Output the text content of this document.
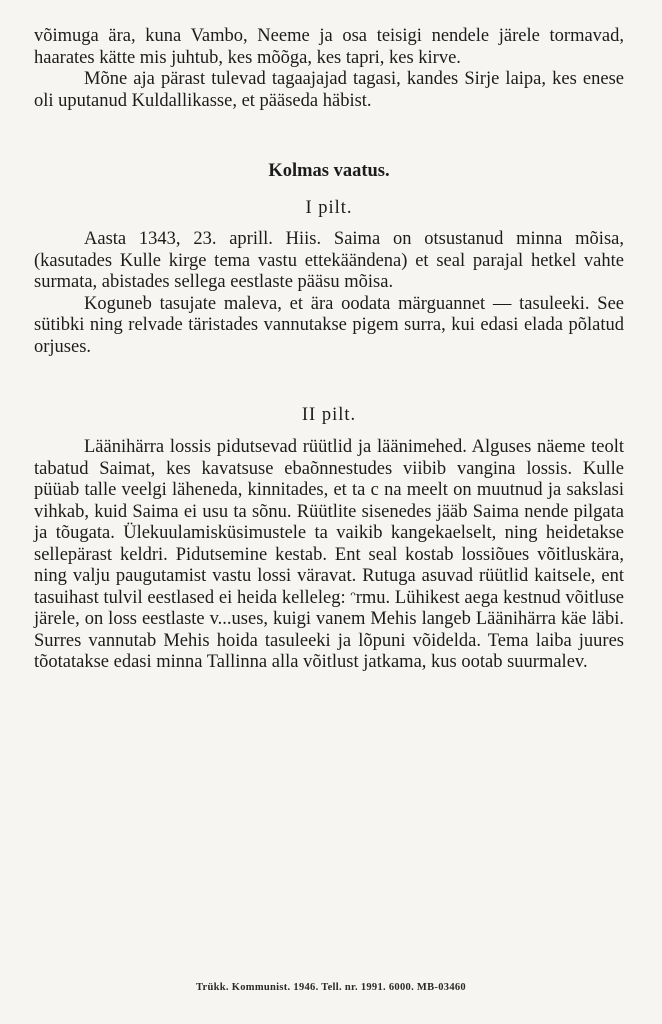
võimuga ära, kuna Vambo, Neeme ja osa teisigi nendele järele tormavad, haarates kätte mis juhtub, kes mõõga, kes tapri, kes kirve.

Mõne aja pärast tulevad tagaajajad tagasi, kandes Sirje laipa, kes enese oli uputanud Kuldallikasse, et pääseda häbist.

Kolmas vaatus.
I pilt.

Aasta 1343, 23. aprill. Hiis. Saima on otsustanud minna mõisa, (kasutades Kulle kirge tema vastu ettekäändena) et seal parajal hetkel vahte surmata, abistades sellega eestlaste pääsu mõisa.

Koguneb tasujate maleva, et ära oodata märguannet — tasuleeki. See sütibki ning relvade täristades vannutakse pigem surra, kui edasi elada põlatud orjuses.

II pilt.

Läänihärra lossis pidutsevad rüütlid ja läänimehed. Alguses näeme teolt tabatud Saimat, kes kavatsuse ebaõnnestudes viibib vangina lossis. Kulle püüab talle veelgi läheneda, kinnitades, et ta c na meelt on muutnud ja sakslasi vihkab, kuid Saima ei usu ta sõnu. Rüütlite sisenedes jääb Saima nende pilgata ja tõugata. Ülekuulamisküsimustele ta vaikib kangekaelselt, ning heidetakse sellepärast keldri. Pidutsemine kestab. Ent seal kostab lossiõues võitluskära, ning valju paugutamist vastu lossi väravat. Rutuga asuvad rüütlid kaitsele, ent tasuihast tulvil eestlased ei heida kelleleg: ᵔrmu. Lühikest aega kestnud võitluse järele, on loss eestlaste v...uses, kuigi vanem Mehis langeb Läänihärra käe läbi. Surres vannutab Mehis hoida tasuleeki ja lõpuni võidelda. Tema laiba juures tõotatakse edasi minna Tallinna alla võitlust jatkama, kus ootab suurmalev.

Trükk. Kommunist. 1946. Tell. nr. 1991. 6000. MB-03460
